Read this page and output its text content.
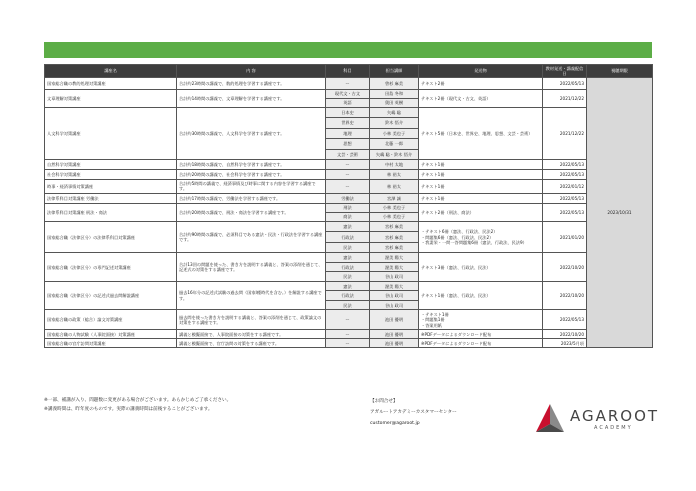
講座名	内 容	科目	担当講師	発送物	教材発送・講義配信日	視聴期限
国家総合職の教的処理対策講座	合計約23時間の講義で、数的処理を学習する講座です。	ー	曽杉 麻美	テキスト2冊	2022/05/13	2023/10/31
文章理解対策講座	合計約14時間の講義で、文章理解を学習する講座です。	現代文・古文	田島 冬和	テキスト2冊（現代文・古文、英語）	2021/12/22	
		英語	奥田 英樹			
人文科学対策講座	合計約30時間の講義で、人文科学を学習する講座です。	日本史	矢嶋 聡	テキスト5冊（日本史、世界史、地理、思想、文芸・芸術）	2021/12/22	
		世界史	鈴木 悟介			
		地理	小林 美也子			
		思想	北藤 一郎			
		文芸・芸術	矢嶋 聡・鈴木 悟介			
自然科学対策講座	合計約18時間の講義で、自然科学を学習する講座です。	ー	中村 太地	テキスト1冊	2022/05/13	
社会科学対策講座	合計約20時間の講義で、社会科学を学習する講座です。	ー	林 裕太	テキスト1冊	2022/05/13	
時事・経済事情対策講座	合計約5時間の講義で、経済事情及び時事に関する内容を学習する講座です。	ー	林 裕太	テキスト1冊	2022/01/12	
法律系科目対策講座 労働法	合計約17時間の講義で、労働法を学習する講座です。	労働法	宮澤 誠	テキスト1冊	2022/05/13	
法律系科目対策講座 刑法・商法	合計約20時間の講義で、刑法・商法を学習する講座です。	刑法	小林 美也子	テキスト2冊（刑法、商法）	2022/05/13	
		商法	小林 美也子			
国家総合職（法律区分）の法律系科目対策講座	合計約90時間の講義で、必須科目である憲法・民法・行政法を学習する講座です。	憲法	宮杉 麻美	・テキスト6冊（憲法、行政法、民法2）
・問題集6冊（憲法、行政法、民法2）
・我妻栄・一問一答問題集6冊（憲法、行政法、民法9）	2021/01/20	
		行政法	宮杉 麻美			
		民法	宮杉 麻美			
国家総合職（法律区分）の専門記述対策講座	合計13回の問題を使った、書き方を説明する講義と、答案の添削を通じて、記述式の対策をする講座です。	憲法	渥美 陽大	テキスト3冊（憲法、行政法、民法）	2022/10/20	
		行政法	渥美 陽大			
		民法	谷山 政司			
国家総合職（法律区分）の記述式過去問解説講座	過去16年分の記述式試験の過去問（国家I種時代を含む。）を解説する講座です。	憲法	渥美 陽大	テキスト1冊（憲法、行政法、民法）	2022/10/20	
		行政法	谷山 政司			
		民法	谷山 政司			
国家総合職の政策（総合）論文対策講座	過去問を使った書き方を説明する講義と、答案の添削を通じて、政策論文の対策をする講座です。	ー	池田 優明	・テキスト1冊
・問題集1冊
・答案用紙	2022/05/13	
国家総合職の人物試験（人事院面接）対策講座	講義と模擬面接で、人事院面接の対策をする講座です。	ー	池田 優明	※PDFデータによるダウンロード配布	2022/10/20	
国家総合職の官庁訪問対策講座	講義と模擬面接で、官庁訪問の対策をする講座です。	ー	池田 優明	※PDFデータによるダウンロード配布	2023/5月頃	
※一部、補講が入り、問題数に変更がある場合がございます。あらかじめご了承ください。
※講義時間は、昨年度のものです。実際の講義時間は前後することがございます。
【お問合せ】
アガルートアカデミーカスタマーセンター
customer@agaroot.jp	AGAROOT
ACADEMY
